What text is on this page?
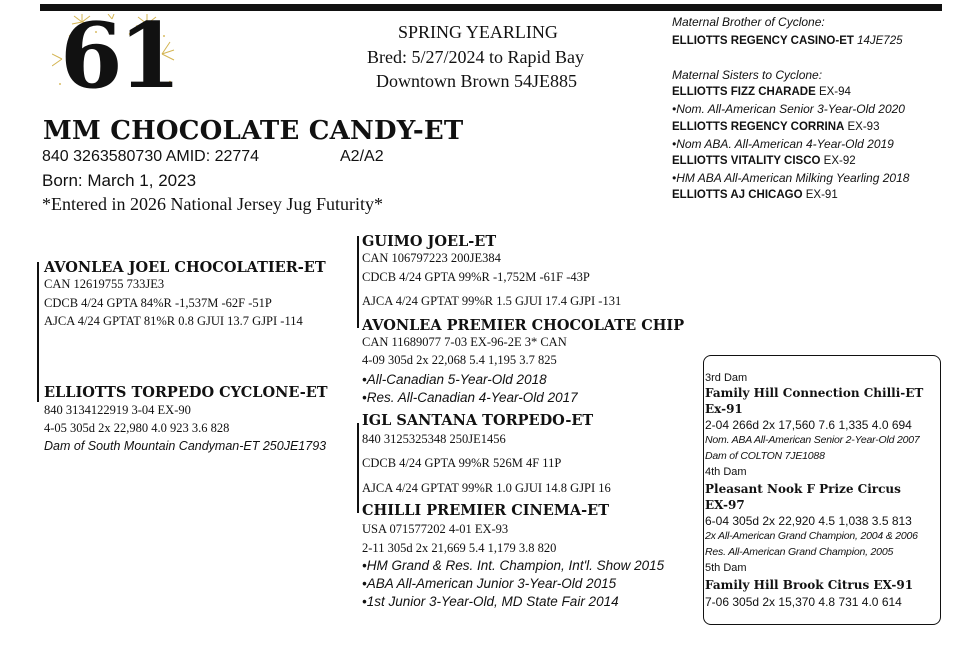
61	SPRING YEARLING
Bred: 5/27/2024 to Rapid Bay
Downtown Brown 54JE885
MM CHOCOLATE CANDY-ET
840 3263580730 AMID: 22774	A2/A2
Born: March 1, 2023
*Entered in 2026 National Jersey Jug Futurity*
Maternal Brother of Cyclone:
ELLIOTTS REGENCY CASINO-ET 14JE725
Maternal Sisters to Cyclone:
ELLIOTTS FIZZ CHARADE EX-94
•Nom. All-American Senior 3-Year-Old 2020
ELLIOTTS REGENCY CORRINA EX-93
•Nom ABA. All-American 4-Year-Old 2019
ELLIOTTS VITALITY CISCO EX-92
•HM ABA All-American Milking Yearling 2018
ELLIOTTS AJ CHICAGO EX-91
AVONLEA JOEL CHOCOLATIER-ET
CAN 12619755 733JE3
CDCB 4/24 GPTA 84%R -1,537M -62F -51P
AJCA 4/24 GPTAT 81%R 0.8 GJUI 13.7 GJPI -114
GUIMO JOEL-ET
CAN 106797223 200JE384
CDCB 4/24 GPTA 99%R -1,752M -61F -43P
AJCA 4/24 GPTAT 99%R 1.5 GJUI 17.4 GJPI -131
AVONLEA PREMIER CHOCOLATE CHIP
CAN 11689077 7-03 EX-96-2E 3* CAN
4-09 305d 2x 22,068 5.4 1,195 3.7 825
•All-Canadian 5-Year-Old 2018
•Res. All-Canadian 4-Year-Old 2017
ELLIOTTS TORPEDO CYCLONE-ET
840 3134122919 3-04 EX-90
4-05 305d 2x 22,980 4.0 923 3.6 828
Dam of South Mountain Candyman-ET 250JE1793
IGL SANTANA TORPEDO-ET
840 3125325348 250JE1456
CDCB 4/24 GPTA 99%R 526M 4F 11P
AJCA 4/24 GPTAT 99%R 1.0 GJUI 14.8 GJPI 16
CHILLI PREMIER CINEMA-ET
USA 071577202 4-01 EX-93
2-11 305d 2x 21,669 5.4 1,179 3.8 820
•HM Grand & Res. Int. Champion, Int'l. Show 2015
•ABA All-American Junior 3-Year-Old 2015
•1st Junior 3-Year-Old, MD State Fair 2014
3rd Dam
Family Hill Connection Chilli-ET
Ex-91
2-04 266d 2x 17,560 7.6 1,335 4.0 694
Nom. ABA All-American Senior 2-Year-Old 2007
Dam of COLTON 7JE1088
4th Dam
Pleasant Nook F Prize Circus
EX-97
6-04 305d 2x 22,920 4.5 1,038 3.5 813
2x All-American Grand Champion, 2004 & 2006
Res. All-American Grand Champion, 2005
5th Dam
Family Hill Brook Citrus EX-91
7-06 305d 2x 15,370 4.8 731 4.0 614
